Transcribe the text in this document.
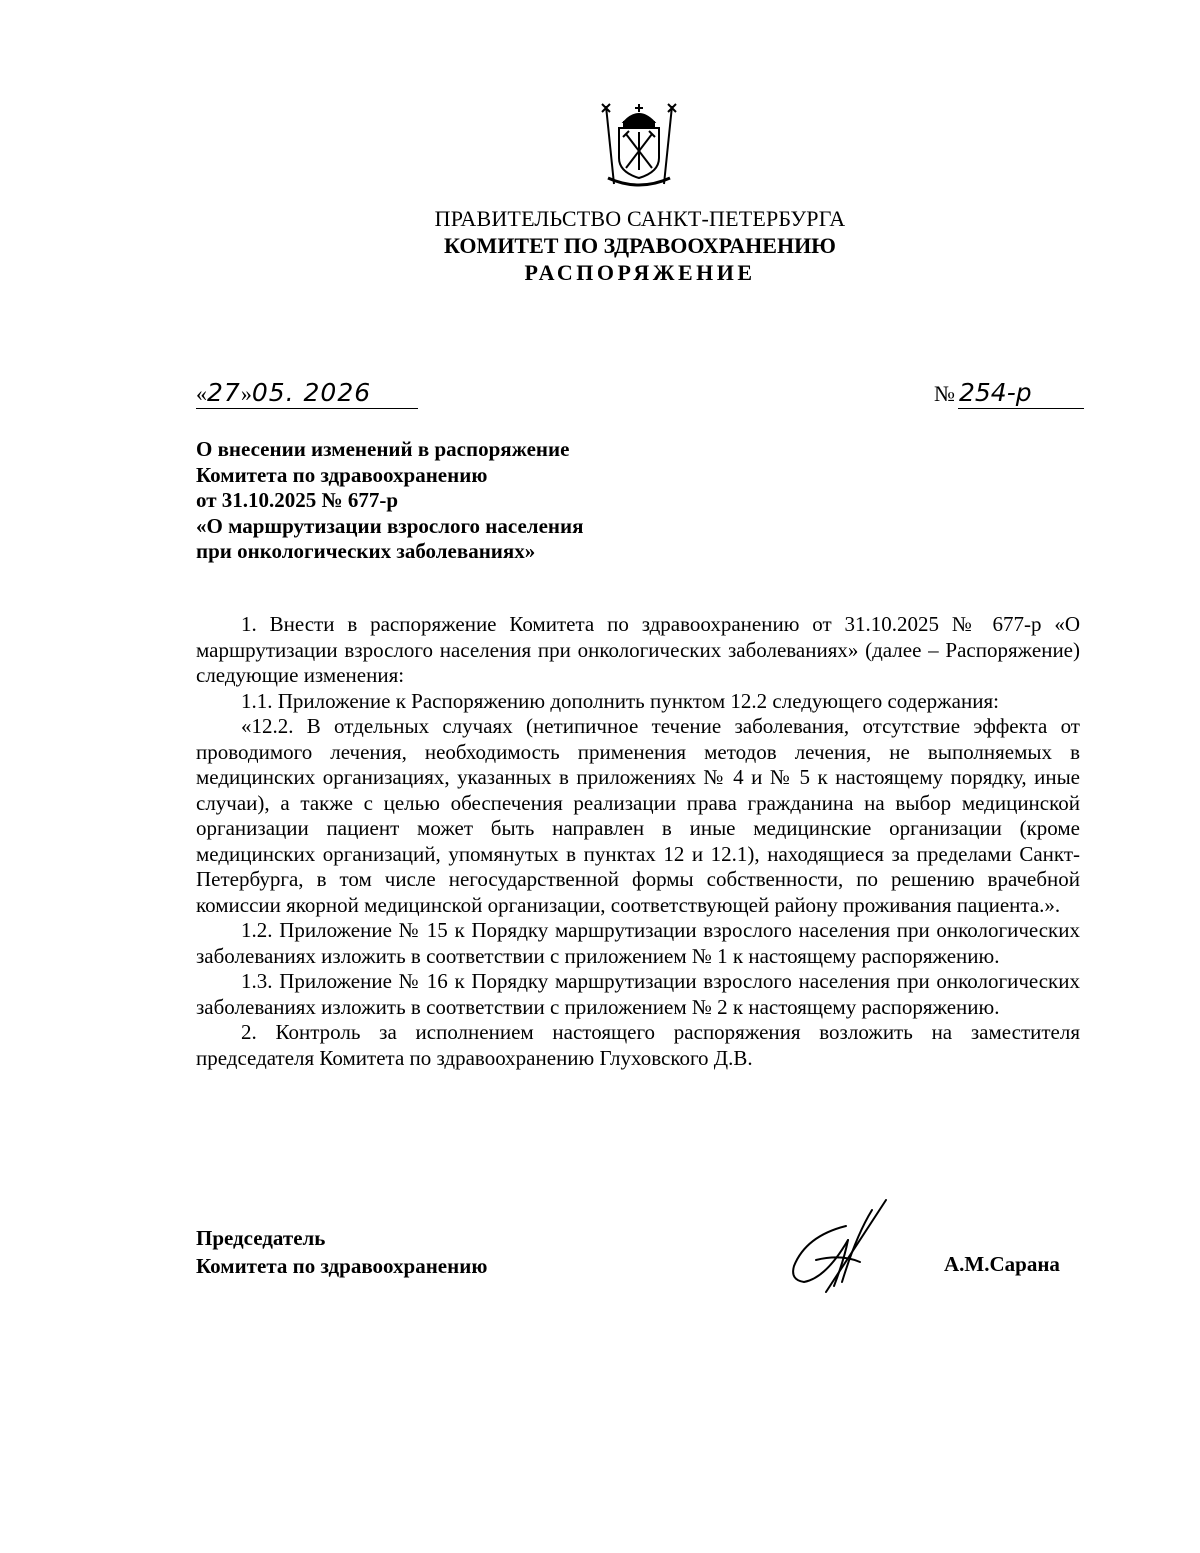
ПРАВИТЕЛЬСТВО САНКТ-ПЕТЕРБУРГА
КОМИТЕТ ПО ЗДРАВООХРАНЕНИЮ
РАСПОРЯЖЕНИЕ
«27»05. 2026	№ 254-р
О внесении изменений в распоряжение
Комитета по здравоохранению
от 31.10.2025 № 677-р
«О маршрутизации взрослого населения
при онкологических заболеваниях»

1. Внести в распоряжение Комитета по здравоохранению от 31.10.2025 № 677-р «О маршрутизации взрослого населения при онкологических заболеваниях» (далее – Распоряжение) следующие изменения:

1.1. Приложение к Распоряжению дополнить пунктом 12.2 следующего содержания:

«12.2. В отдельных случаях (нетипичное течение заболевания, отсутствие эффекта от проводимого лечения, необходимость применения методов лечения, не выполняемых в медицинских организациях, указанных в приложениях № 4 и № 5 к настоящему порядку, иные случаи), а также с целью обеспечения реализации права гражданина на выбор медицинской организации пациент может быть направлен в иные медицинские организации (кроме медицинских организаций, упомянутых в пунктах 12 и 12.1), находящиеся за пределами Санкт-Петербурга, в том числе негосударственной формы собственности, по решению врачебной комиссии якорной медицинской организации, соответствующей району проживания пациента.».

1.2. Приложение № 15 к Порядку маршрутизации взрослого населения при онкологических заболеваниях изложить в соответствии с приложением № 1 к настоящему распоряжению.

1.3. Приложение № 16 к Порядку маршрутизации взрослого населения при онкологических заболеваниях изложить в соответствии с приложением № 2 к настоящему распоряжению.

2. Контроль за исполнением настоящего распоряжения возложить на заместителя председателя Комитета по здравоохранению Глуховского Д.В.

Председатель
Комитета по здравоохранению	А.М.Сарана
